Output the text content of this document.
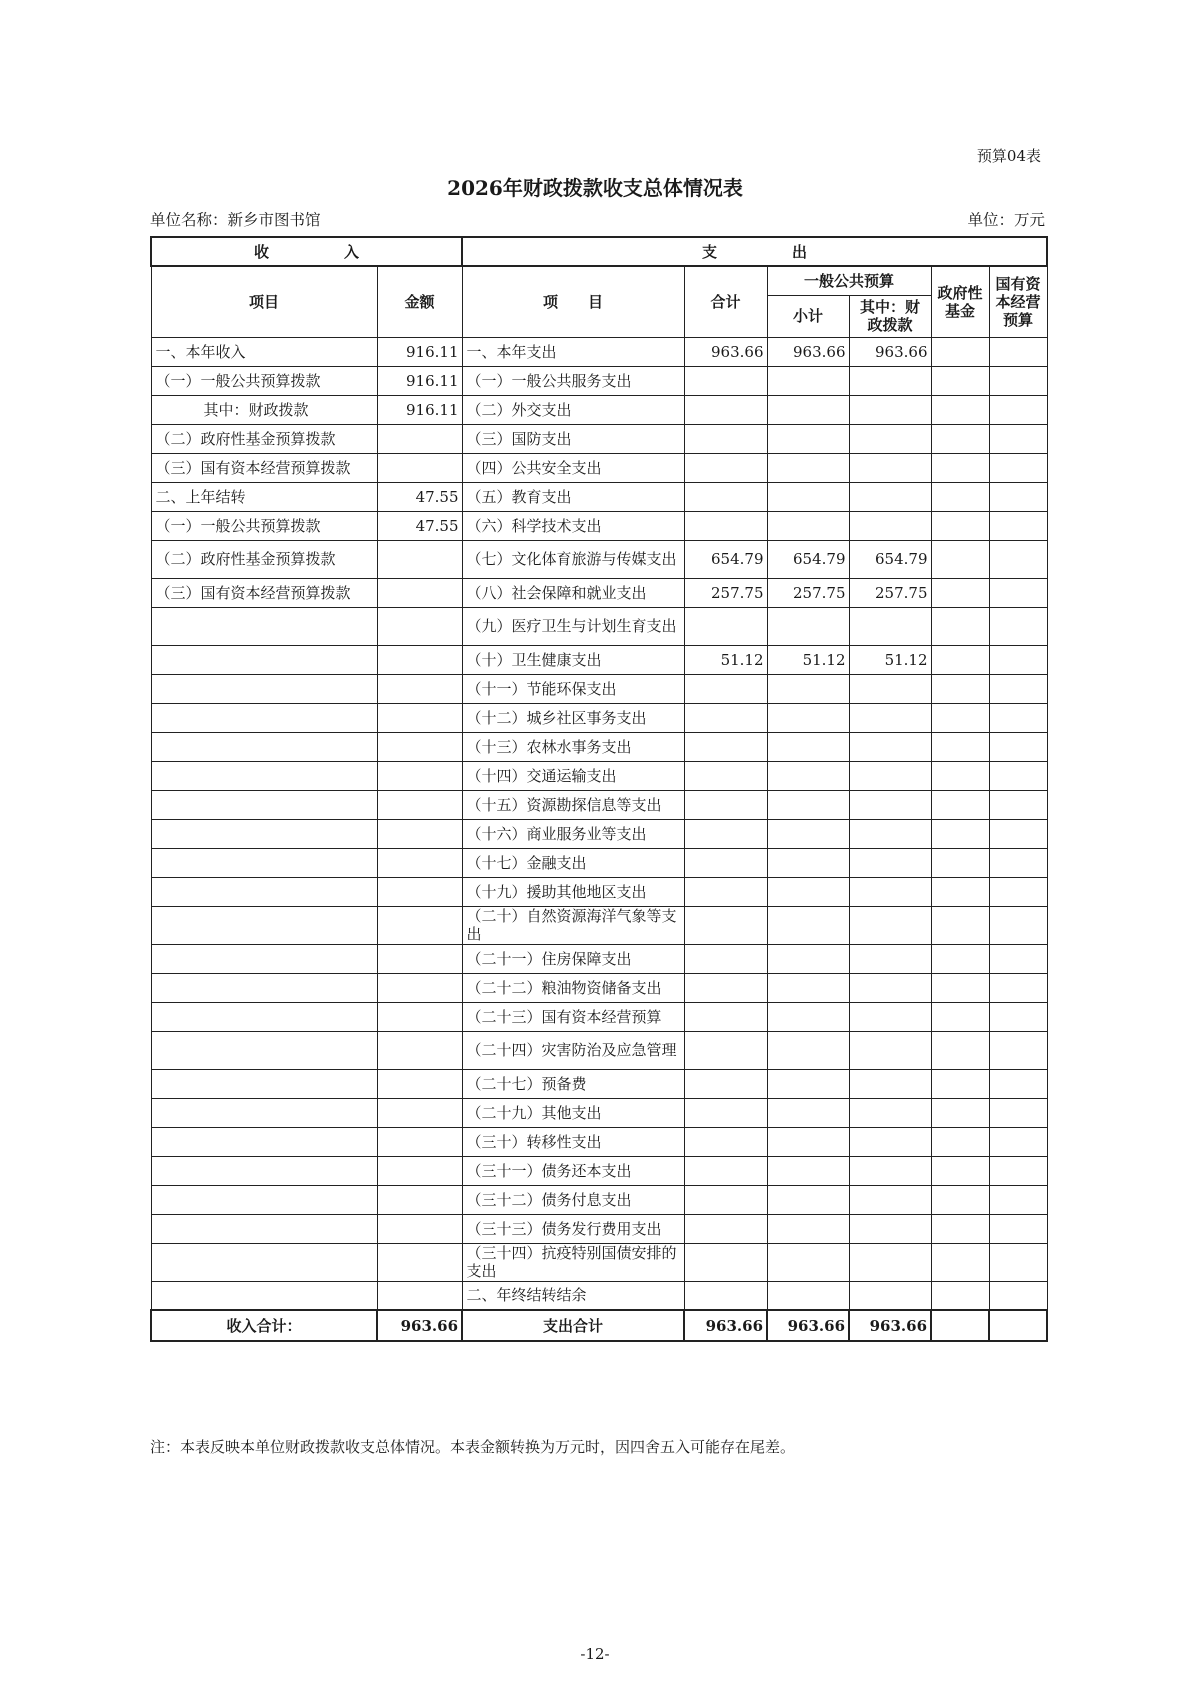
预算04表
2026年财政拨款收支总体情况表
单位名称：新乡市图书馆	单位：万元
收　　　　　入		支　　　　　出					
项目	金额	项　　目	合计	一般公共预算		政府性基金	国有资本经营预算
				小计	其中：财政拨款		
一、本年收入	916.11	一、本年支出	963.66	963.66	963.66		
（一）一般公共预算拨款	916.11	（一）一般公共服务支出					
其中：财政拨款	916.11	（二）外交支出					
（二）政府性基金预算拨款		（三）国防支出					
（三）国有资本经营预算拨款		（四）公共安全支出					
二、上年结转	47.55	（五）教育支出					
（一）一般公共预算拨款	47.55	（六）科学技术支出					
（二）政府性基金预算拨款		（七）文化体育旅游与传媒支出	654.79	654.79	654.79		
（三）国有资本经营预算拨款		（八）社会保障和就业支出	257.75	257.75	257.75		
		（九）医疗卫生与计划生育支出					
		（十）卫生健康支出	51.12	51.12	51.12		
		（十一）节能环保支出					
		（十二）城乡社区事务支出					
		（十三）农林水事务支出					
		（十四）交通运输支出					
		（十五）资源勘探信息等支出					
		（十六）商业服务业等支出					
		（十七）金融支出					
		（十九）援助其他地区支出					
		（二十）自然资源海洋气象等支出					
		（二十一）住房保障支出					
		（二十二）粮油物资储备支出					
		（二十三）国有资本经营预算					
		（二十四）灾害防治及应急管理					
		（二十七）预备费					
		（二十九）其他支出					
		（三十）转移性支出					
		（三十一）债务还本支出					
		（三十二）债务付息支出					
		（三十三）债务发行费用支出					
		（三十四）抗疫特别国债安排的支出					
		二、年终结转结余					
收入合计：	963.66	支出合计	963.66	963.66	963.66		
注：本表反映本单位财政拨款收支总体情况。本表金额转换为万元时，因四舍五入可能存在尾差。
-12-
